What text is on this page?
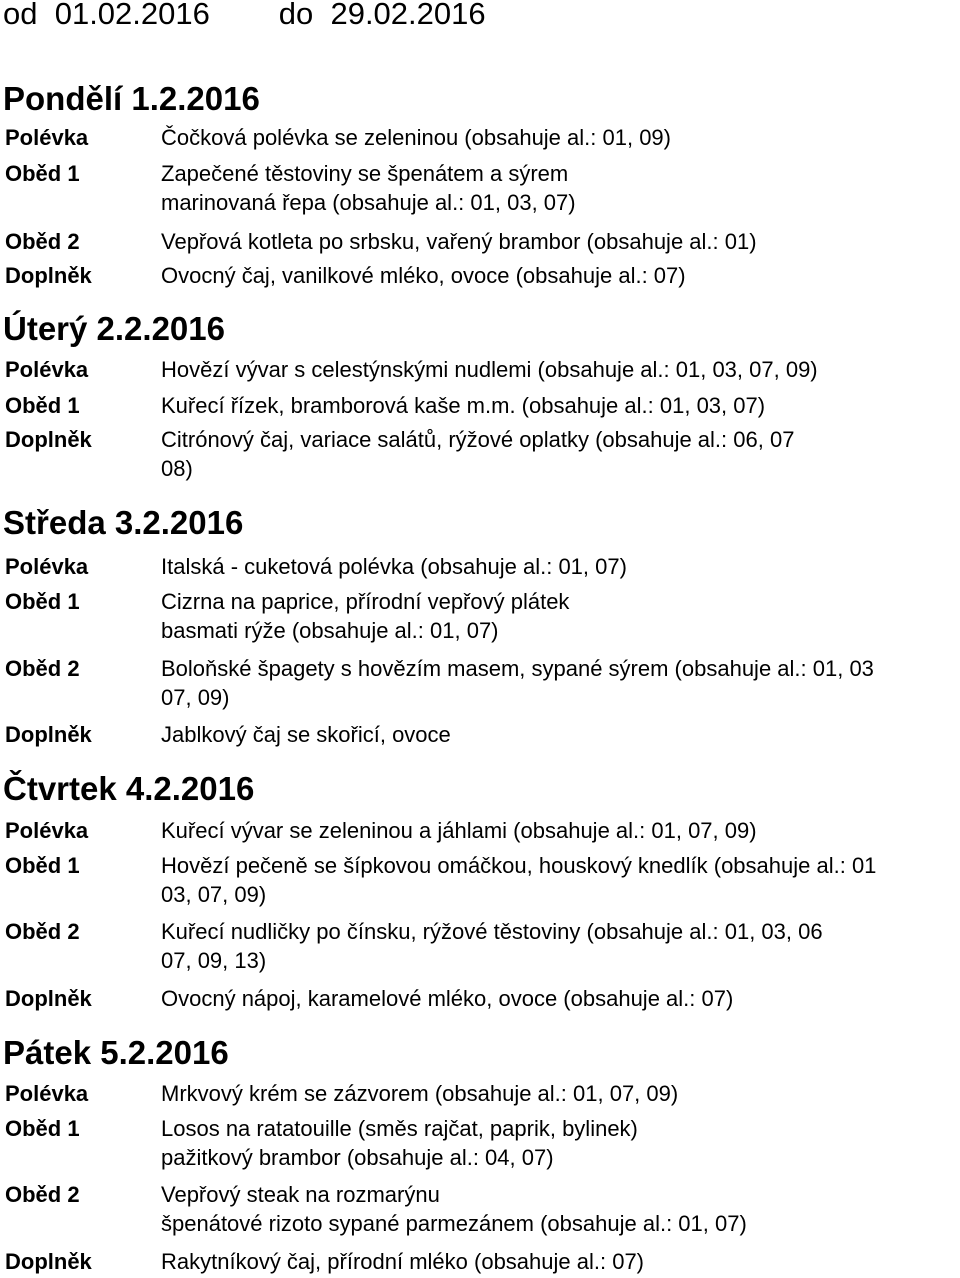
od  01.02.2016        do  29.02.2016
Pondělí 1.2.2016
Polévka	Čočková polévka se zeleninou (obsahuje al.: 01, 09)
Oběd 1	Zapečené těstoviny se špenátem a sýrem
marinovaná řepa (obsahuje al.: 01, 03, 07)
Oběd 2	Vepřová kotleta po srbsku, vařený brambor (obsahuje al.: 01)
Doplněk	Ovocný čaj, vanilkové mléko, ovoce (obsahuje al.: 07)
Úterý 2.2.2016
Polévka	Hovězí vývar s celestýnskými nudlemi (obsahuje al.: 01, 03, 07, 09)
Oběd 1	Kuřecí řízek, bramborová kaše m.m. (obsahuje al.: 01, 03, 07)
Doplněk	Citrónový čaj, variace salátů, rýžové oplatky (obsahuje al.: 06, 07
08)
Středa 3.2.2016
Polévka	Italská - cuketová polévka (obsahuje al.: 01, 07)
Oběd 1	Cizrna na paprice, přírodní vepřový plátek
basmati rýže (obsahuje al.: 01, 07)
Oběd 2	Boloňské špagety s hovězím masem, sypané sýrem (obsahuje al.: 01, 03
07, 09)
Doplněk	Jablkový čaj se skořicí, ovoce
Čtvrtek 4.2.2016
Polévka	Kuřecí vývar se zeleninou a jáhlami (obsahuje al.: 01, 07, 09)
Oběd 1	Hovězí pečeně se šípkovou omáčkou, houskový knedlík (obsahuje al.: 01
03, 07, 09)
Oběd 2	Kuřecí nudličky po čínsku, rýžové těstoviny (obsahuje al.: 01, 03, 06
07, 09, 13)
Doplněk	Ovocný nápoj, karamelové mléko, ovoce (obsahuje al.: 07)
Pátek 5.2.2016
Polévka	Mrkvový krém se zázvorem (obsahuje al.: 01, 07, 09)
Oběd 1	Losos na ratatouille (směs rajčat, paprik, bylinek)
pažitkový brambor (obsahuje al.: 04, 07)
Oběd 2	Vepřový steak na rozmarýnu
špenátové rizoto sypané parmezánem (obsahuje al.: 01, 07)
Doplněk	Rakytníkový čaj, přírodní mléko (obsahuje al.: 07)
